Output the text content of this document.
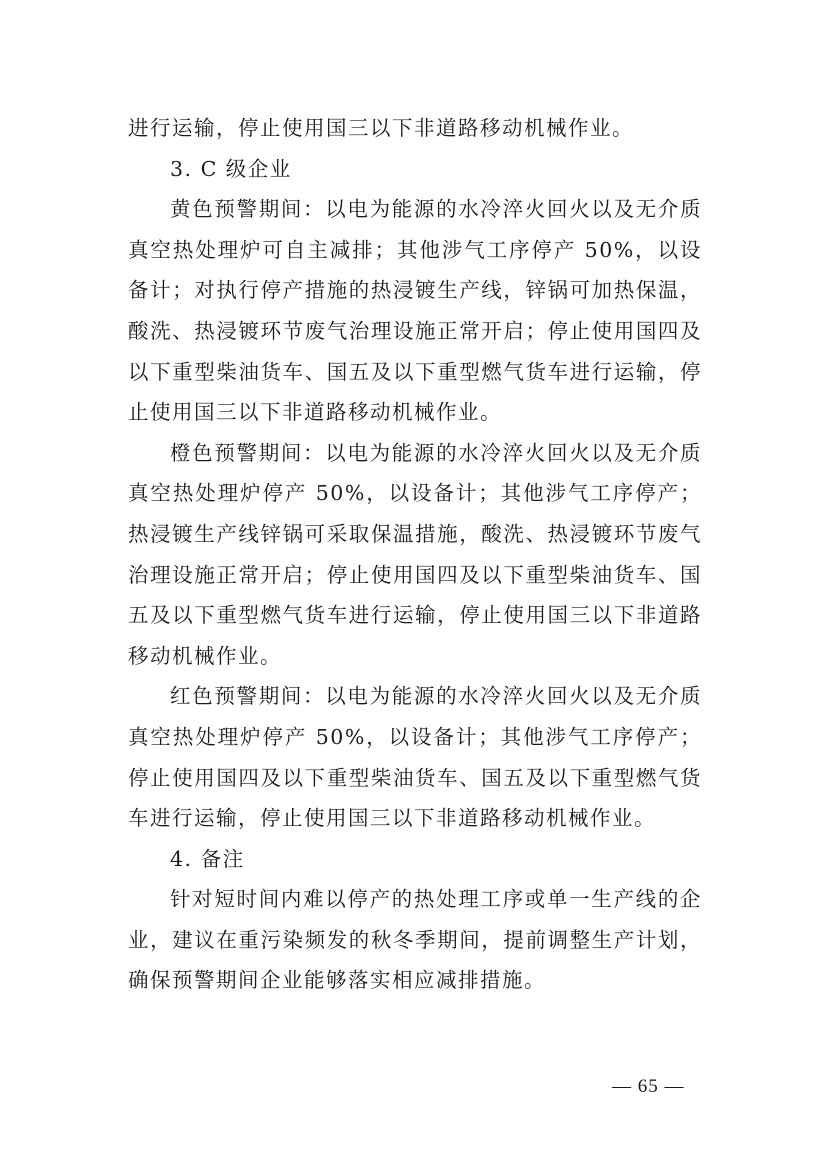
进行运输，停止使用国三以下非道路移动机械作业。

3. C 级企业

黄色预警期间：以电为能源的水冷淬火回火以及无介质真空热处理炉可自主减排；其他涉气工序停产 50%，以设备计；对执行停产措施的热浸镀生产线，锌锅可加热保温，酸洗、热浸镀环节废气治理设施正常开启；停止使用国四及以下重型柴油货车、国五及以下重型燃气货车进行运输，停止使用国三以下非道路移动机械作业。

橙色预警期间：以电为能源的水冷淬火回火以及无介质真空热处理炉停产 50%，以设备计；其他涉气工序停产；热浸镀生产线锌锅可采取保温措施，酸洗、热浸镀环节废气治理设施正常开启；停止使用国四及以下重型柴油货车、国五及以下重型燃气货车进行运输，停止使用国三以下非道路移动机械作业。

红色预警期间：以电为能源的水冷淬火回火以及无介质真空热处理炉停产 50%，以设备计；其他涉气工序停产；停止使用国四及以下重型柴油货车、国五及以下重型燃气货车进行运输，停止使用国三以下非道路移动机械作业。

4. 备注

针对短时间内难以停产的热处理工序或单一生产线的企业，建议在重污染频发的秋冬季期间，提前调整生产计划，确保预警期间企业能够落实相应减排措施。

— 65 —
